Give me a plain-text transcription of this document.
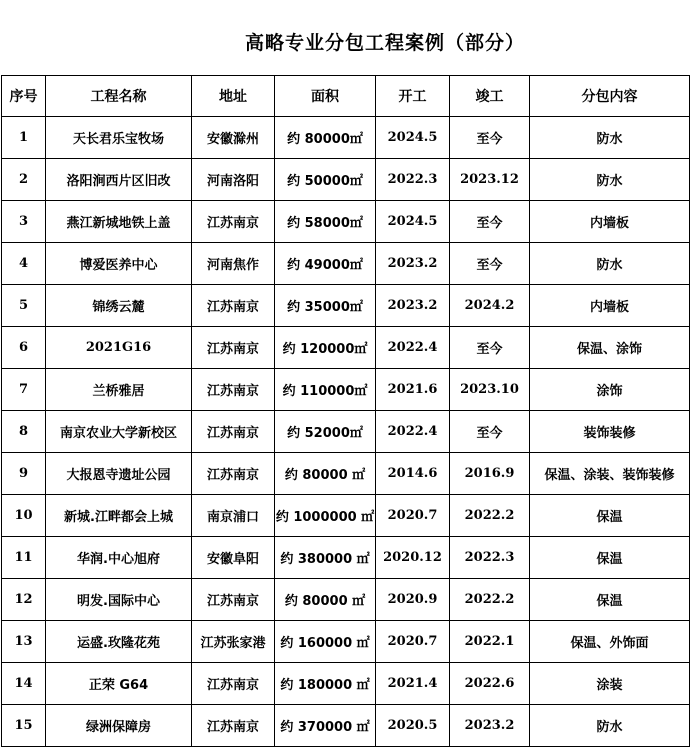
高略专业分包工程案例（部分）
序号	工程名称	地址	面积	开工	竣工	分包内容
1	天长君乐宝牧场	安徽滁州	约 80000㎡	2024.5	至今	防水
2	洛阳涧西片区旧改	河南洛阳	约 50000㎡	2022.3	2023.12	防水
3	燕江新城地铁上盖	江苏南京	约 58000㎡	2024.5	至今	内墙板
4	博爱医养中心	河南焦作	约 49000㎡	2023.2	至今	防水
5	锦绣云麓	江苏南京	约 35000㎡	2023.2	2024.2	内墙板
6	2021G16	江苏南京	约 120000㎡	2022.4	至今	保温、涂饰
7	兰桥雅居	江苏南京	约 110000㎡	2021.6	2023.10	涂饰
8	南京农业大学新校区	江苏南京	约 52000㎡	2022.4	至今	装饰装修
9	大报恩寺遗址公园	江苏南京	约 80000 ㎡	2014.6	2016.9	保温、涂装、装饰装修
10	新城.江畔都会上城	南京浦口	约 1000000 ㎡	2020.7	2022.2	保温
11	华润.中心旭府	安徽阜阳	约 380000 ㎡	2020.12	2022.3	保温
12	明发.国际中心	江苏南京	约 80000 ㎡	2020.9	2022.2	保温
13	运盛.玫隆花苑	江苏张家港	约 160000 ㎡	2020.7	2022.1	保温、外饰面
14	正荣 G64	江苏南京	约 180000 ㎡	2021.4	2022.6	涂装
15	绿洲保障房	江苏南京	约 370000 ㎡	2020.5	2023.2	防水
